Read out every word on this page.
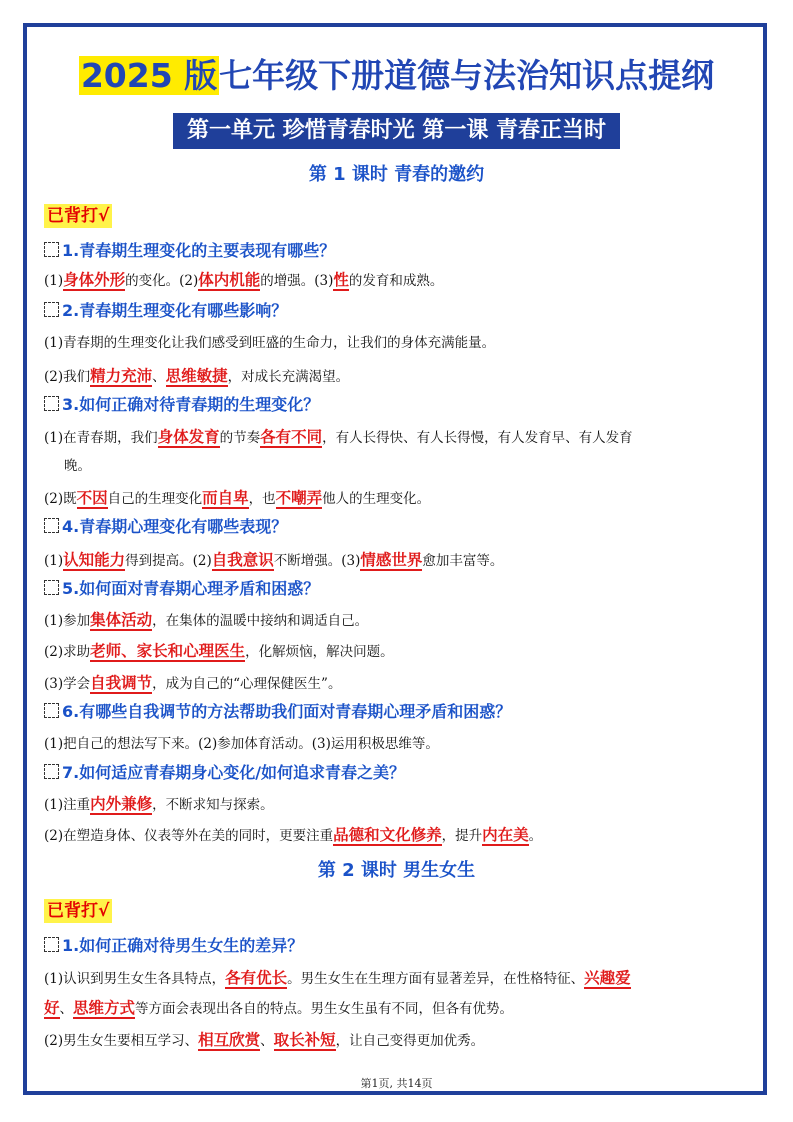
2025 版七年级下册道德与法治知识点提纲
第一单元 珍惜青春时光 第一课 青春正当时
第 1 课时 青春的邀约
已背打√
1.青春期生理变化的主要表现有哪些？
(1)身体外形的变化。(2)体内机能的增强。(3)性的发育和成熟。
2.青春期生理变化有哪些影响？
(1)青春期的生理变化让我们感受到旺盛的生命力，让我们的身体充满能量。
(2)我们精力充沛、思维敏捷，对成长充满渴望。
3.如何正确对待青春期的生理变化？
(1)在青春期，我们身体发育的节奏各有不同，有人长得快、有人长得慢，有人发育早、有人发育
晚。
(2)既不因自己的生理变化而自卑，也不嘲弄他人的生理变化。
4.青春期心理变化有哪些表现？
(1)认知能力得到提高。(2)自我意识不断增强。(3)情感世界愈加丰富等。
5.如何面对青春期心理矛盾和困惑？
(1)参加集体活动，在集体的温暖中接纳和调适自己。
(2)求助老师、家长和心理医生，化解烦恼，解决问题。
(3)学会自我调节，成为自己的“心理保健医生”。
6.有哪些自我调节的方法帮助我们面对青春期心理矛盾和困惑？
(1)把自己的想法写下来。(2)参加体育活动。(3)运用积极思维等。
7.如何适应青春期身心变化/如何追求青春之美？
(1)注重内外兼修，不断求知与探索。
(2)在塑造身体、仪表等外在美的同时，更要注重品德和文化修养，提升内在美。
第 2 课时 男生女生
已背打√
1.如何正确对待男生女生的差异？
(1)认识到男生女生各具特点，各有优长。男生女生在生理方面有显著差异，在性格特征、兴趣爱
好、思维方式等方面会表现出各自的特点。男生女生虽有不同，但各有优势。
(2)男生女生要相互学习、相互欣赏、取长补短，让自己变得更加优秀。
第1页, 共14页
